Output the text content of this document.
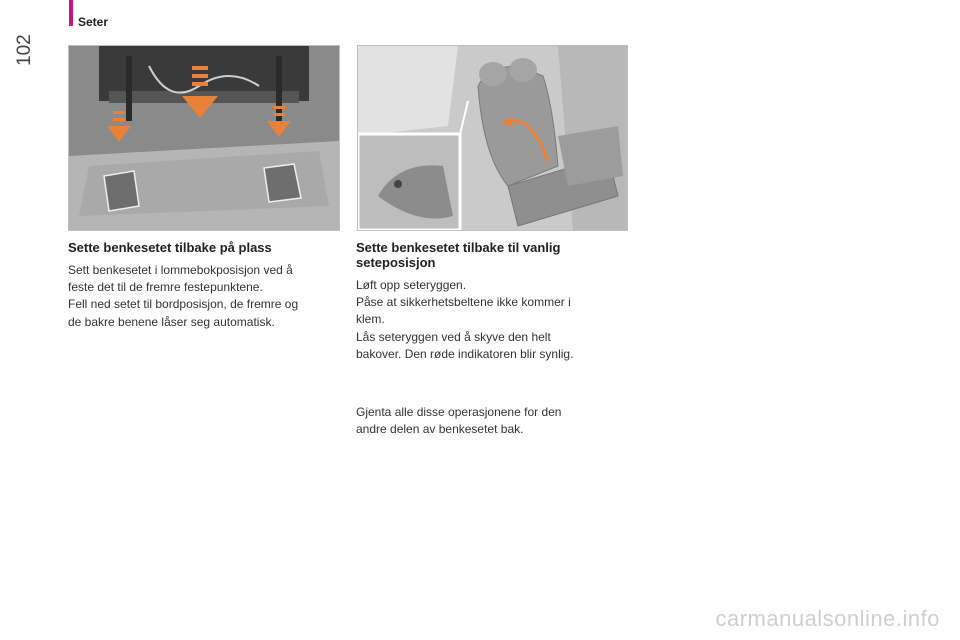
Seter
102
Sette benkesetet tilbake på plass

Sett benkesetet i lommebokposisjon ved å
feste det til de fremre festepunktene.
Fell ned setet til bordposisjon, de fremre og
de bakre benene låser seg automatisk.

Sette benkesetet tilbake til vanlig
seteposisjon

Løft opp seteryggen.
Påse at sikkerhetsbeltene ikke kommer i
klem.
Lås seteryggen ved å skyve den helt
bakover. Den røde indikatoren blir synlig.

Gjenta alle disse operasjonene for den
andre delen av benkesetet bak.

carmanualsonline.info
